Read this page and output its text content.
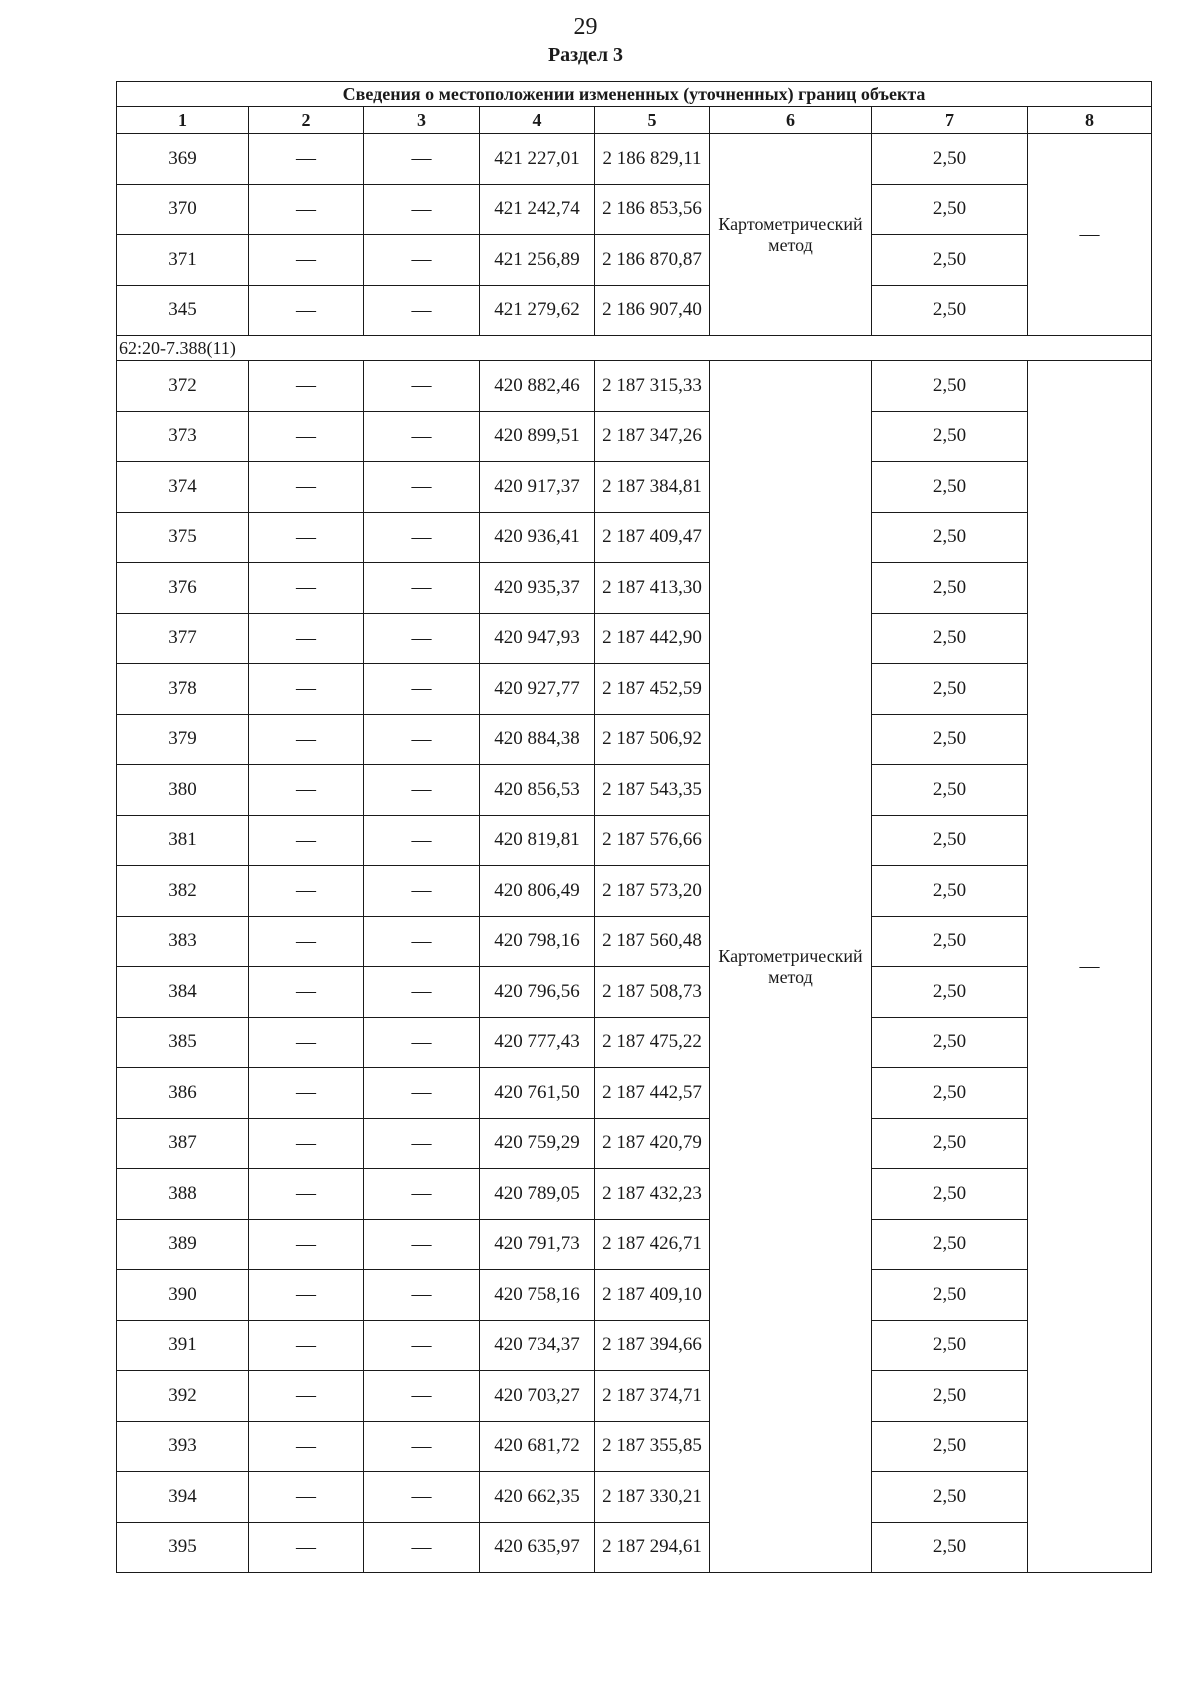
29
Раздел 3
Сведения о местоположении измененных (уточненных) границ объекта							
1	2	3	4	5	6	7	8
369	—	—	421 227,01	2 186 829,11	Картометрический метод	2,50	—
370	—	—	421 242,74	2 186 853,56		2,50	
371	—	—	421 256,89	2 186 870,87		2,50	
345	—	—	421 279,62	2 186 907,40		2,50	
62:20-7.388(11)							
372	—	—	420 882,46	2 187 315,33	Картометрический метод	2,50	—
373	—	—	420 899,51	2 187 347,26		2,50	
374	—	—	420 917,37	2 187 384,81		2,50	
375	—	—	420 936,41	2 187 409,47		2,50	
376	—	—	420 935,37	2 187 413,30		2,50	
377	—	—	420 947,93	2 187 442,90		2,50	
378	—	—	420 927,77	2 187 452,59		2,50	
379	—	—	420 884,38	2 187 506,92		2,50	
380	—	—	420 856,53	2 187 543,35		2,50	
381	—	—	420 819,81	2 187 576,66		2,50	
382	—	—	420 806,49	2 187 573,20		2,50	
383	—	—	420 798,16	2 187 560,48		2,50	
384	—	—	420 796,56	2 187 508,73		2,50	
385	—	—	420 777,43	2 187 475,22		2,50	
386	—	—	420 761,50	2 187 442,57		2,50	
387	—	—	420 759,29	2 187 420,79		2,50	
388	—	—	420 789,05	2 187 432,23		2,50	
389	—	—	420 791,73	2 187 426,71		2,50	
390	—	—	420 758,16	2 187 409,10		2,50	
391	—	—	420 734,37	2 187 394,66		2,50	
392	—	—	420 703,27	2 187 374,71		2,50	
393	—	—	420 681,72	2 187 355,85		2,50	
394	—	—	420 662,35	2 187 330,21		2,50	
395	—	—	420 635,97	2 187 294,61		2,50	
